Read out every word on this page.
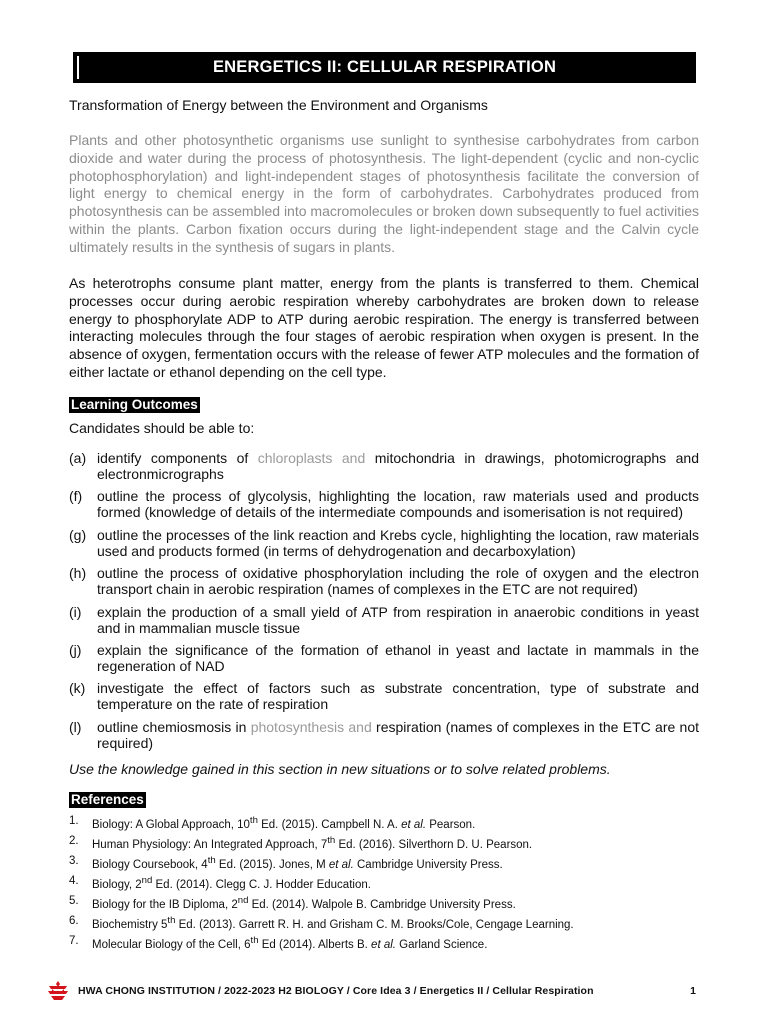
ENERGETICS II: CELLULAR RESPIRATION
Transformation of Energy between the Environment and Organisms

Plants and other photosynthetic organisms use sunlight to synthesise carbohydrates from carbon dioxide and water during the process of photosynthesis. The light-dependent (cyclic and non-cyclic photophosphorylation) and light-independent stages of photosynthesis facilitate the conversion of light energy to chemical energy in the form of carbohydrates. Carbohydrates produced from photosynthesis can be assembled into macromolecules or broken down subsequently to fuel activities within the plants. Carbon fixation occurs during the light-independent stage and the Calvin cycle ultimately results in the synthesis of sugars in plants.

As heterotrophs consume plant matter, energy from the plants is transferred to them. Chemical processes occur during aerobic respiration whereby carbohydrates are broken down to release energy to phosphorylate ADP to ATP during aerobic respiration. The energy is transferred between interacting molecules through the four stages of aerobic respiration when oxygen is present. In the absence of oxygen, fermentation occurs with the release of fewer ATP molecules and the formation of either lactate or ethanol depending on the cell type.

Learning Outcomes
Candidates should be able to:
(a) identify components of chloroplasts and mitochondria in drawings, photomicrographs and electronmicrographs
(f)	outline the process of glycolysis, highlighting the location, raw materials used and products formed (knowledge of details of the intermediate compounds and isomerisation is not required)
(g) outline the processes of the link reaction and Krebs cycle, highlighting the location, raw materials used and products formed (in terms of dehydrogenation and decarboxylation)
(h) outline the process of oxidative phosphorylation including the role of oxygen and the electron transport chain in aerobic respiration (names of complexes in the ETC are not required)
(i)	explain the production of a small yield of ATP from respiration in anaerobic conditions in yeast and in mammalian muscle tissue
(j)	explain the significance of the formation of ethanol in yeast and lactate in mammals in the regeneration of NAD
(k) investigate the effect of factors such as substrate concentration, type of substrate and temperature on the rate of respiration
(l)	outline chemiosmosis in photosynthesis and respiration (names of complexes in the ETC are not required)
Use the knowledge gained in this section in new situations or to solve related problems.
References
1.	Biology: A Global Approach, 10th Ed. (2015). Campbell N. A. et al. Pearson.
2.	Human Physiology: An Integrated Approach, 7th Ed. (2016). Silverthorn D. U. Pearson.
3.	Biology Coursebook, 4th Ed. (2015). Jones, M et al. Cambridge University Press.
4.	Biology, 2nd Ed. (2014). Clegg C. J. Hodder Education.
5.	Biology for the IB Diploma, 2nd Ed. (2014). Walpole B. Cambridge University Press.
6.	Biochemistry 5th Ed. (2013). Garrett R. H. and Grisham C. M. Brooks/Cole, Cengage Learning.
7.	Molecular Biology of the Cell, 6th Ed (2014). Alberts B. et al. Garland Science.
HWA CHONG INSTITUTION / 2022-2023 H2 BIOLOGY / Core Idea 3 / Energetics II / Cellular Respiration	1
